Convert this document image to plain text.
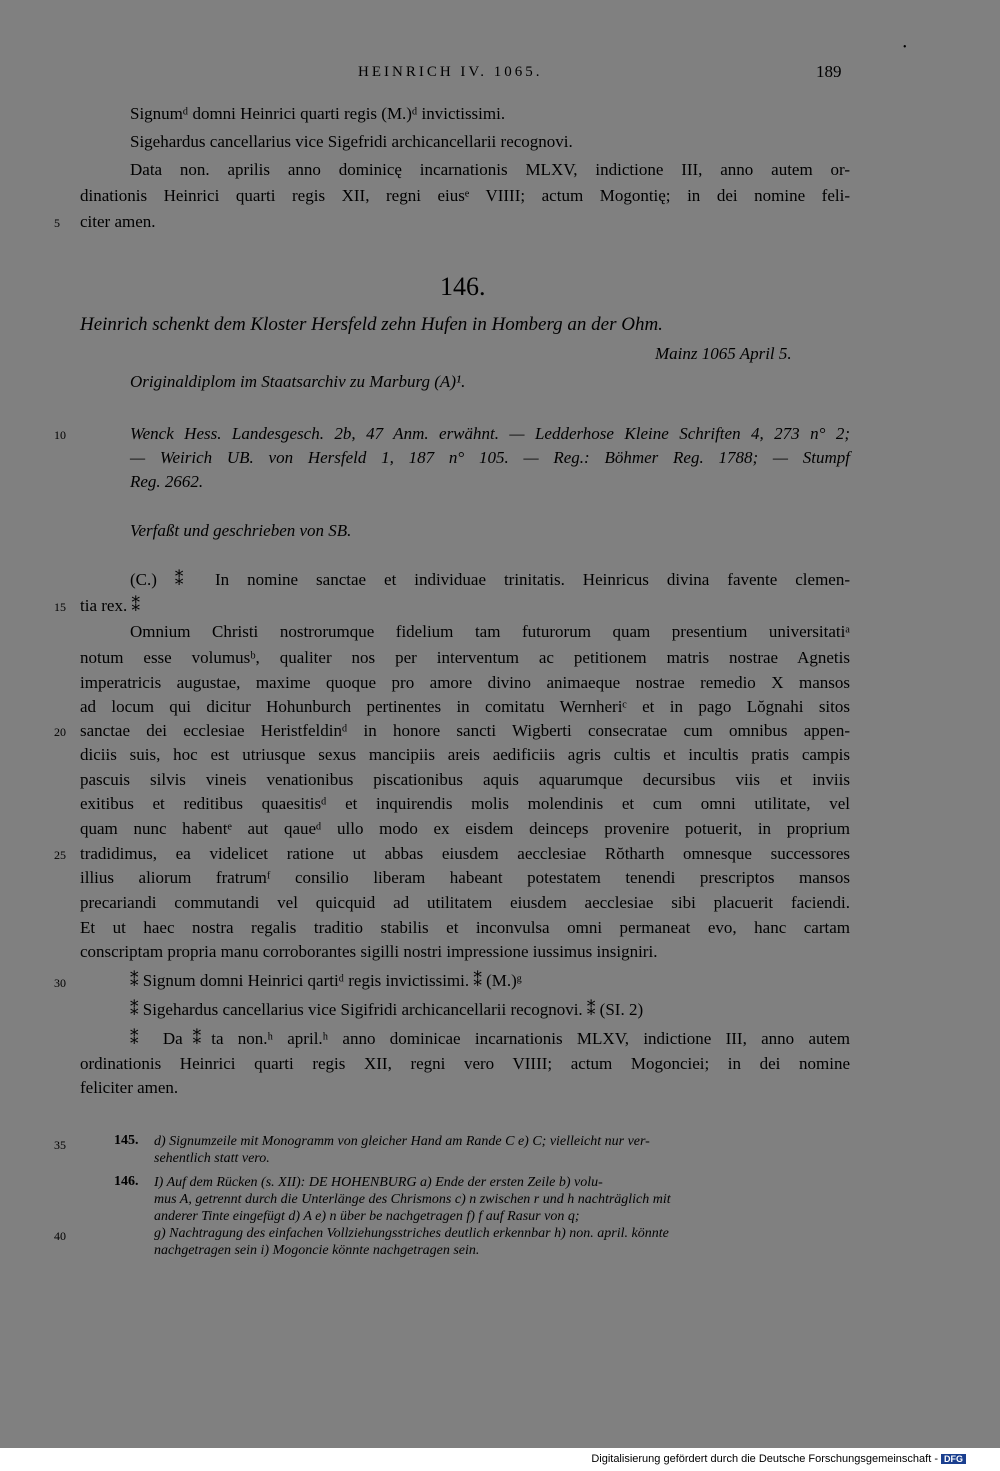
•
HEINRICH IV. 1065.	189
Signumᵈ domni Heinrici quarti regis (M.)ᵈ invictissimi.
Sigehardus cancellarius vice Sigefridi archicancellarii recognovi.
Data non. aprilis anno dominicę incarnationis MLXV, indictione III, anno autem or-
dinationis Heinrici quarti regis XII, regni eiusᵉ VIIII; actum Mogontię; in dei nomine feli-
citer amen.
5
146.
Heinrich schenkt dem Kloster Hersfeld zehn Hufen in Homberg an der Ohm.
Mainz 1065 April 5.
Originaldiplom im Staatsarchiv zu Marburg (A)¹.
10	Wenck Hess. Landesgesch. 2b, 47 Anm. erwähnt. — Ledderhose Kleine Schriften 4, 273 n° 2;
— Weirich UB. von Hersfeld 1, 187 n° 105. — Reg.: Böhmer Reg. 1788; — Stumpf
Reg. 2662.
Verfaßt und geschrieben von SB.
(C.) ⁑ In nomine sanctae et individuae trinitatis. Heinricus divina favente clemen-
tia rex. ⁑
15
Omnium Christi nostrorumque fidelium tam futurorum quam presentium universitatiᵃ
notum esse volumusᵇ, qualiter nos per interventum ac petitionem matris nostrae Agnetis
imperatricis augustae, maxime quoque pro amore divino animaeque nostrae remedio X mansos
ad locum qui dicitur Hohunburch pertinentes in comitatu Wernheriᶜ et in pago Lŏgnahi sitos
sanctae dei ecclesiae Heristfeldinᵈ in honore sancti Wigberti consecratae cum omnibus appen-
20
diciis suis, hoc est utriusque sexus mancipiis areis aedificiis agris cultis et incultis pratis campis
pascuis silvis vineis venationibus piscationibus aquis aquarumque decursibus viis et inviis
exitibus et reditibus quaesitisᵈ et inquirendis molis molendinis et cum omni utilitate, vel
quam nunc habentᵉ aut qaueᵈ ullo modo ex eisdem deinceps provenire potuerit, in proprium
tradidimus, ea videlicet ratione ut abbas eiusdem aecclesiae Rŏtharth omnesque successores
25
illius aliorum fratrumᶠ consilio liberam habeant potestatem tenendi prescriptos mansos
precariandi commutandi vel quicquid ad utilitatem eiusdem aecclesiae sibi placuerit faciendi.
Et ut haec nostra regalis traditio stabilis et inconvulsa omni permaneat evo, hanc cartam
conscriptam propria manu corroborantes sigilli nostri impressione iussimus insigniri.
30	⁑ Signum domni Heinrici qartiᵈ regis invictissimi. ⁑ (M.)ᵍ
⁑ Sigehardus cancellarius vice Sigifridi archicancellarii recognovi. ⁑ (SI. 2)
⁑ Da⁑ta non.ʰ april.ʰ anno dominicae incarnationis MLXV, indictione III, anno autem
ordinationis Heinrici quarti regis XII, regni vero VIIII; actum Mogonciei; in dei nomine
feliciter amen.
35	145. d) Signumzeile mit Monogramm von gleicher Hand am Rande C e) C; vielleicht nur ver-
sehentlich statt vero.
146. I) Auf dem Rücken (s. XII): DE HOHENBURG a) Ende der ersten Zeile b) volu-
mus A, getrennt durch die Unterlänge des Chrismons c) n zwischen r und h nachträglich mit
anderer Tinte eingefügt d) A e) n über be nachgetragen f) f auf Rasur von q;
40	g) Nachtragung des einfachen Vollziehungsstriches deutlich erkennbar h) non. april. könnte
nachgetragen sein i) Mogoncie könnte nachgetragen sein.
Digitalisierung gefördert durch die Deutsche Forschungsgemeinschaft - DFG
